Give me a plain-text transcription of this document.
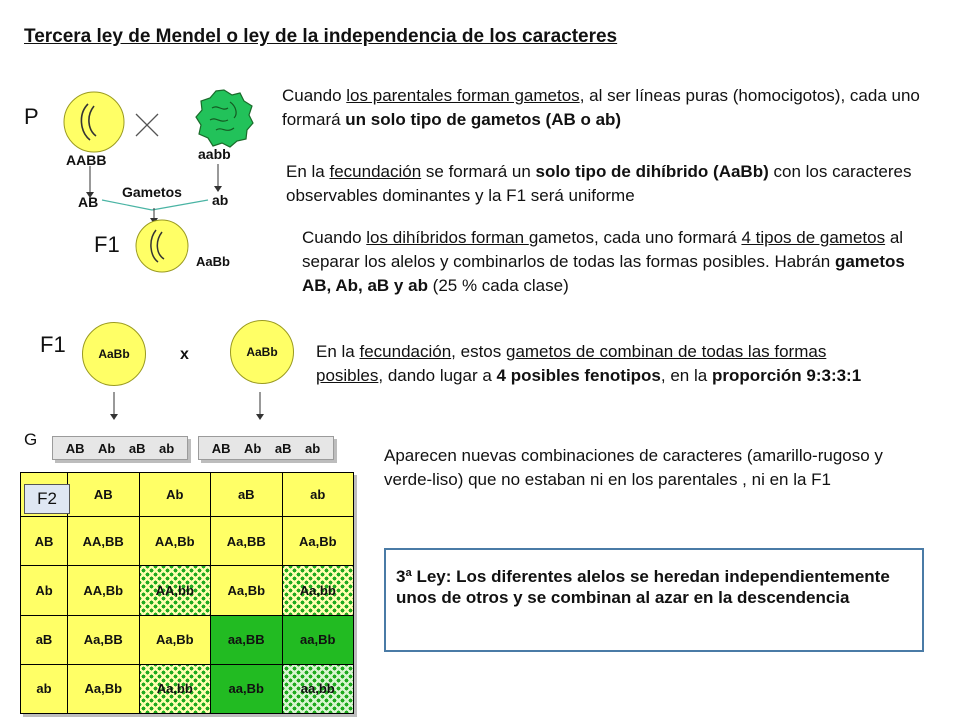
Tercera ley de Mendel o ley de la independencia de los caracteres
P
AABB	aabb
Gametos
AB	ab
F1
AaBb
Cuando los parentales forman gametos, al ser líneas puras (homocigotos), cada uno formará un solo tipo de gametos (AB o ab)
En la fecundación se formará un solo tipo de dihíbrido (AaBb) con los caracteres observables dominantes y la F1 será uniforme
Cuando los dihíbridos forman gametos, cada uno formará 4 tipos de gametos al separar los alelos y combinarlos de todas las formas posibles. Habrán gametos AB, Ab, aB y ab (25 % cada clase)
F1	AaBb	x	AaBb	En la fecundación, estos gametos de combinan de todas las formas posibles, dando lugar a 4 posibles fenotipos, en la proporción 9:3:3:1
G AB Ab aB ab	AB Ab aB ab	Aparecen nuevas combinaciones de caracteres (amarillo-rugoso y verde-liso) que no estaban ni en los parentales , ni en la F1
	AB	Ab	aB	ab
AB	AA,BB	AA,Bb	Aa,BB	Aa,Bb
Ab	AA,Bb	AA,bb	Aa,Bb	Aa,bb
aB	Aa,BB	Aa,Bb	aa,BB	aa,Bb
ab	Aa,Bb	Aa,bb	aa,Bb	aa,bb
F2
3ª Ley: Los diferentes alelos se heredan independientemente unos de otros y se combinan al azar en la descendencia
